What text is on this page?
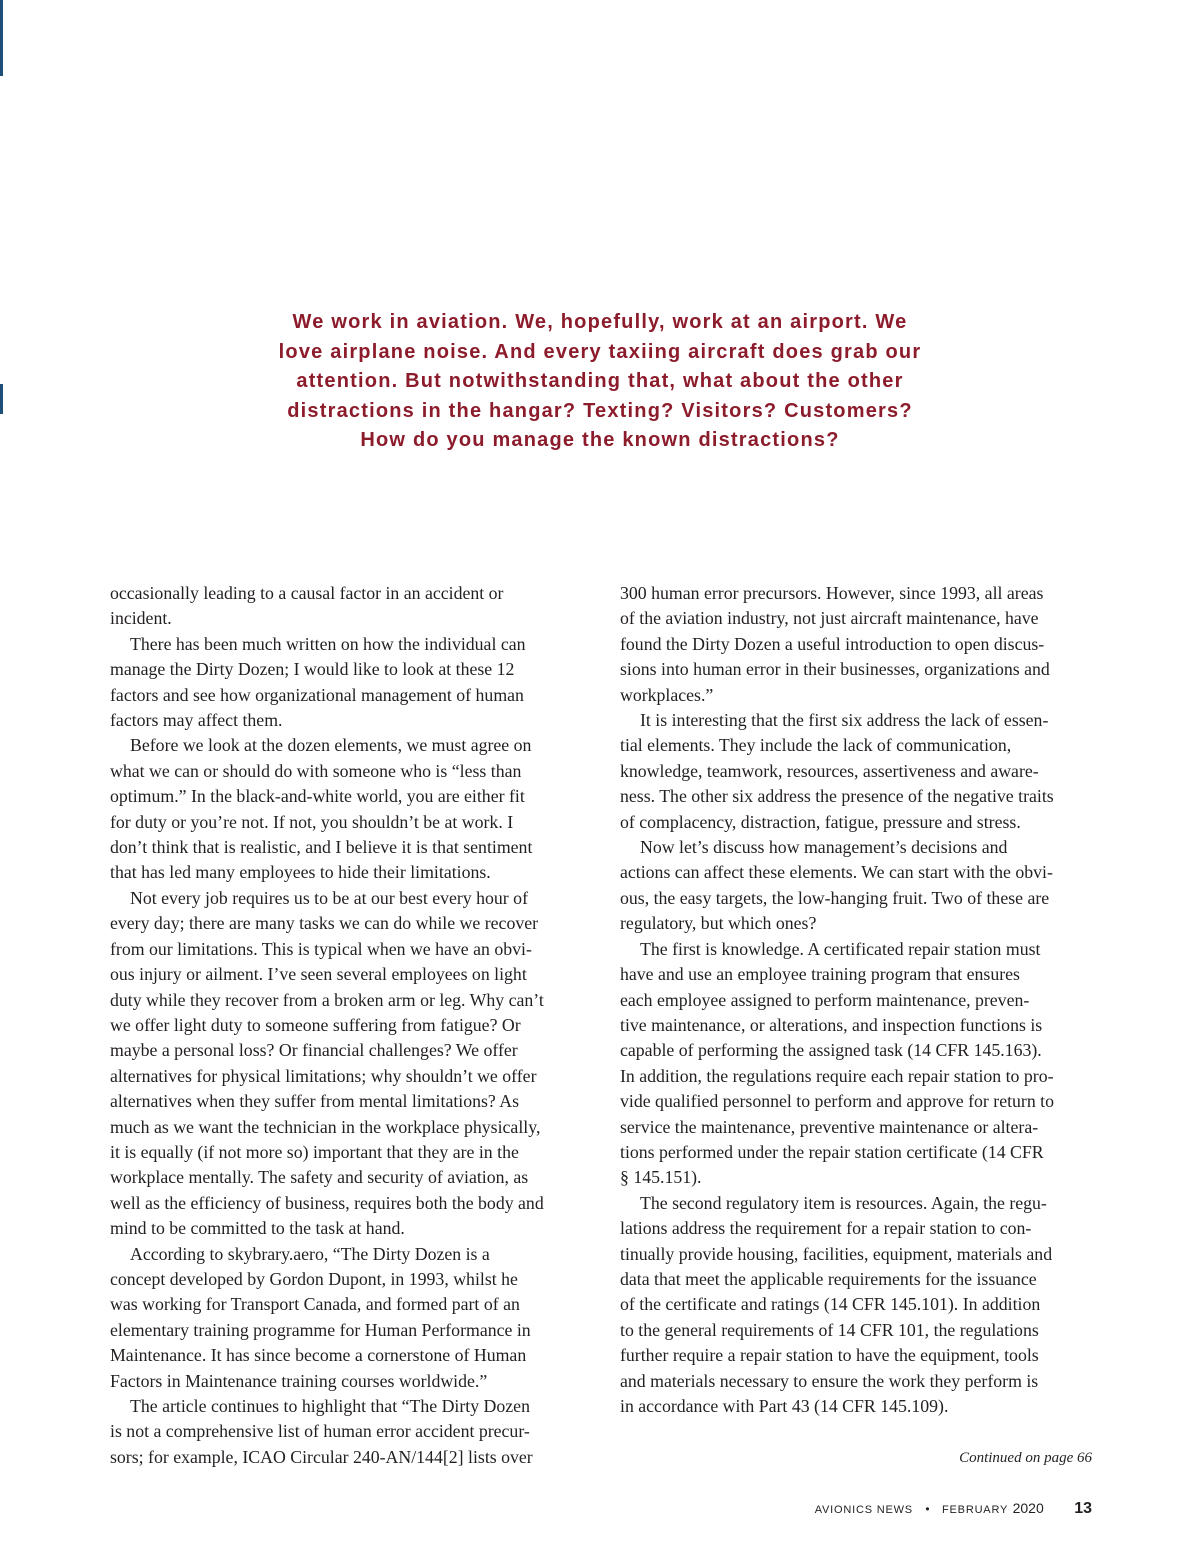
We work in aviation. We, hopefully, work at an airport. We
love airplane noise. And every taxiing aircraft does grab our
attention. But notwithstanding that, what about the other
distractions in the hangar? Texting? Visitors? Customers?
How do you manage the known distractions?
occasionally leading to a causal factor in an accident or
incident.
There has been much written on how the individual can
manage the Dirty Dozen; I would like to look at these 12
factors and see how organizational management of human
factors may affect them.
Before we look at the dozen elements, we must agree on
what we can or should do with someone who is “less than
optimum.” In the black-and-white world, you are either fit
for duty or you’re not. If not, you shouldn’t be at work. I
don’t think that is realistic, and I believe it is that sentiment
that has led many employees to hide their limitations.
Not every job requires us to be at our best every hour of
every day; there are many tasks we can do while we recover
from our limitations. This is typical when we have an obvi-
ous injury or ailment. I’ve seen several employees on light
duty while they recover from a broken arm or leg. Why can’t
we offer light duty to someone suffering from fatigue? Or
maybe a personal loss? Or financial challenges? We offer
alternatives for physical limitations; why shouldn’t we offer
alternatives when they suffer from mental limitations? As
much as we want the technician in the workplace physically,
it is equally (if not more so) important that they are in the
workplace mentally. The safety and security of aviation, as
well as the efficiency of business, requires both the body and
mind to be committed to the task at hand.
According to skybrary.aero, “The Dirty Dozen is a
concept developed by Gordon Dupont, in 1993, whilst he
was working for Transport Canada, and formed part of an
elementary training programme for Human Performance in
Maintenance. It has since become a cornerstone of Human
Factors in Maintenance training courses worldwide.”
The article continues to highlight that “The Dirty Dozen
is not a comprehensive list of human error accident precur-
sors; for example, ICAO Circular 240-AN/144[2] lists over
300 human error precursors. However, since 1993, all areas
of the aviation industry, not just aircraft maintenance, have
found the Dirty Dozen a useful introduction to open discus-
sions into human error in their businesses, organizations and
workplaces.”
It is interesting that the first six address the lack of essen-
tial elements. They include the lack of communication,
knowledge, teamwork, resources, assertiveness and aware-
ness. The other six address the presence of the negative traits
of complacency, distraction, fatigue, pressure and stress.
Now let’s discuss how management’s decisions and
actions can affect these elements. We can start with the obvi-
ous, the easy targets, the low-hanging fruit. Two of these are
regulatory, but which ones?
The first is knowledge. A certificated repair station must
have and use an employee training program that ensures
each employee assigned to perform maintenance, preven-
tive maintenance, or alterations, and inspection functions is
capable of performing the assigned task (14 CFR 145.163).
In addition, the regulations require each repair station to pro-
vide qualified personnel to perform and approve for return to
service the maintenance, preventive maintenance or altera-
tions performed under the repair station certificate (14 CFR
§ 145.151).
The second regulatory item is resources. Again, the regu-
lations address the requirement for a repair station to con-
tinually provide housing, facilities, equipment, materials and
data that meet the applicable requirements for the issuance
of the certificate and ratings (14 CFR 145.101). In addition
to the general requirements of 14 CFR 101, the regulations
further require a repair station to have the equipment, tools
and materials necessary to ensure the work they perform is
in accordance with Part 43 (14 CFR 145.109).
Continued on page 66
AVIONICS NEWS • FEBRUARY 2020 13
